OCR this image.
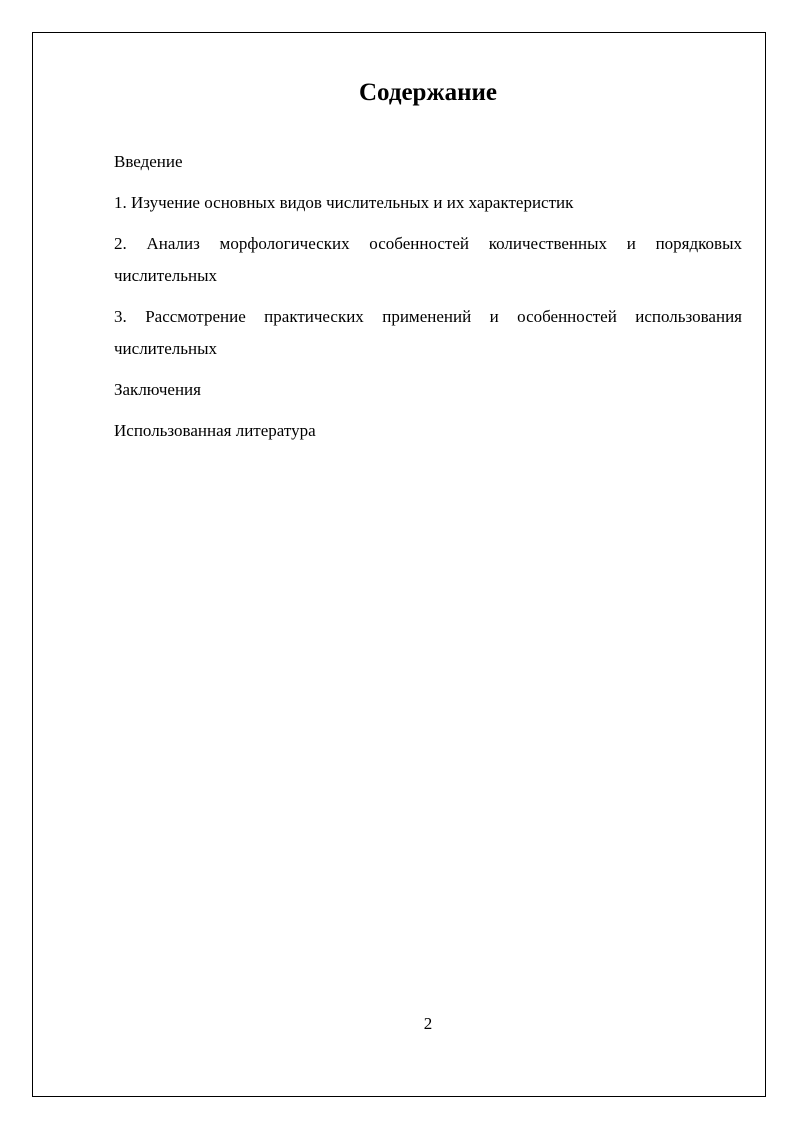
Содержание
Введение
1. Изучение основных видов числительных и их характеристик
2. Анализ морфологических особенностей количественных и порядковых числительных
3. Рассмотрение практических применений и особенностей использования числительных
Заключения
Использованная литература
2
